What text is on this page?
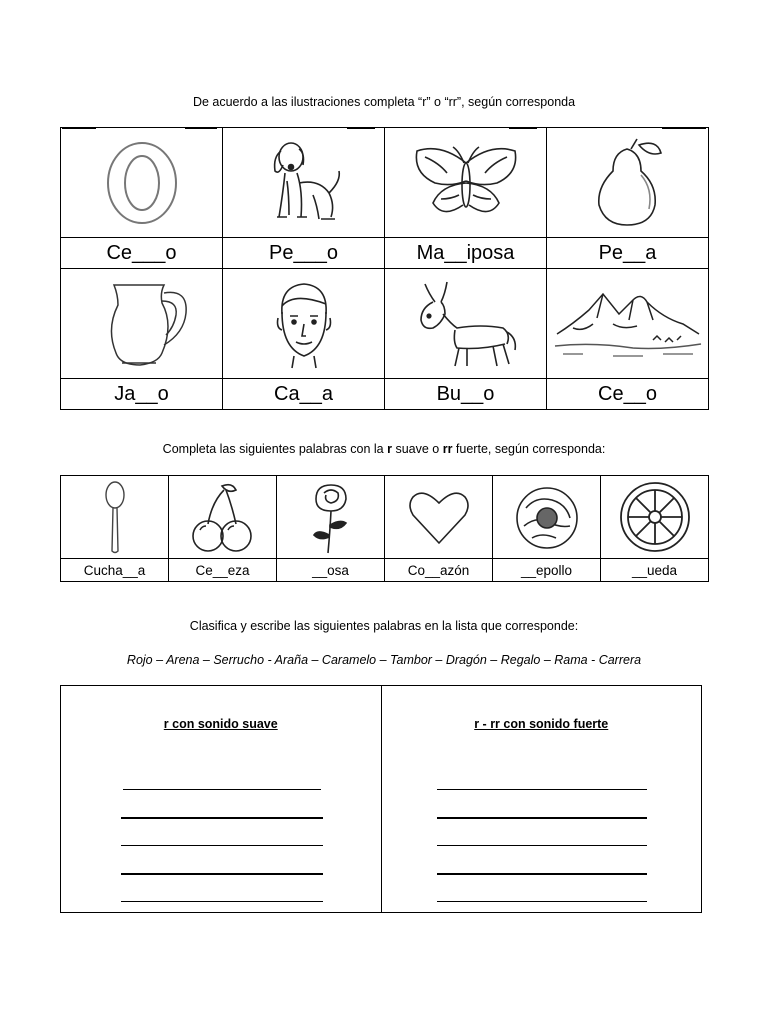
De acuerdo a las ilustraciones completa “r” o “rr”, según corresponda

Ce___o	Pe___o	Ma__iposa	Pe__a

Ja__o	Ca__a	Bu__o	Ce__o
Completa las siguientes palabras con la r suave o rr fuerte, según corresponda:

Cucha__a	Ce__eza	__osa	Co__azón	__epollo	__ueda
Clasifica y escribe las siguientes palabras en la lista que corresponde:
Rojo – Arena – Serrucho - Araña – Caramelo – Tambor – Dragón – Regalo – Rama - Carrera
r con sonido suave	r - rr con sonido fuerte
